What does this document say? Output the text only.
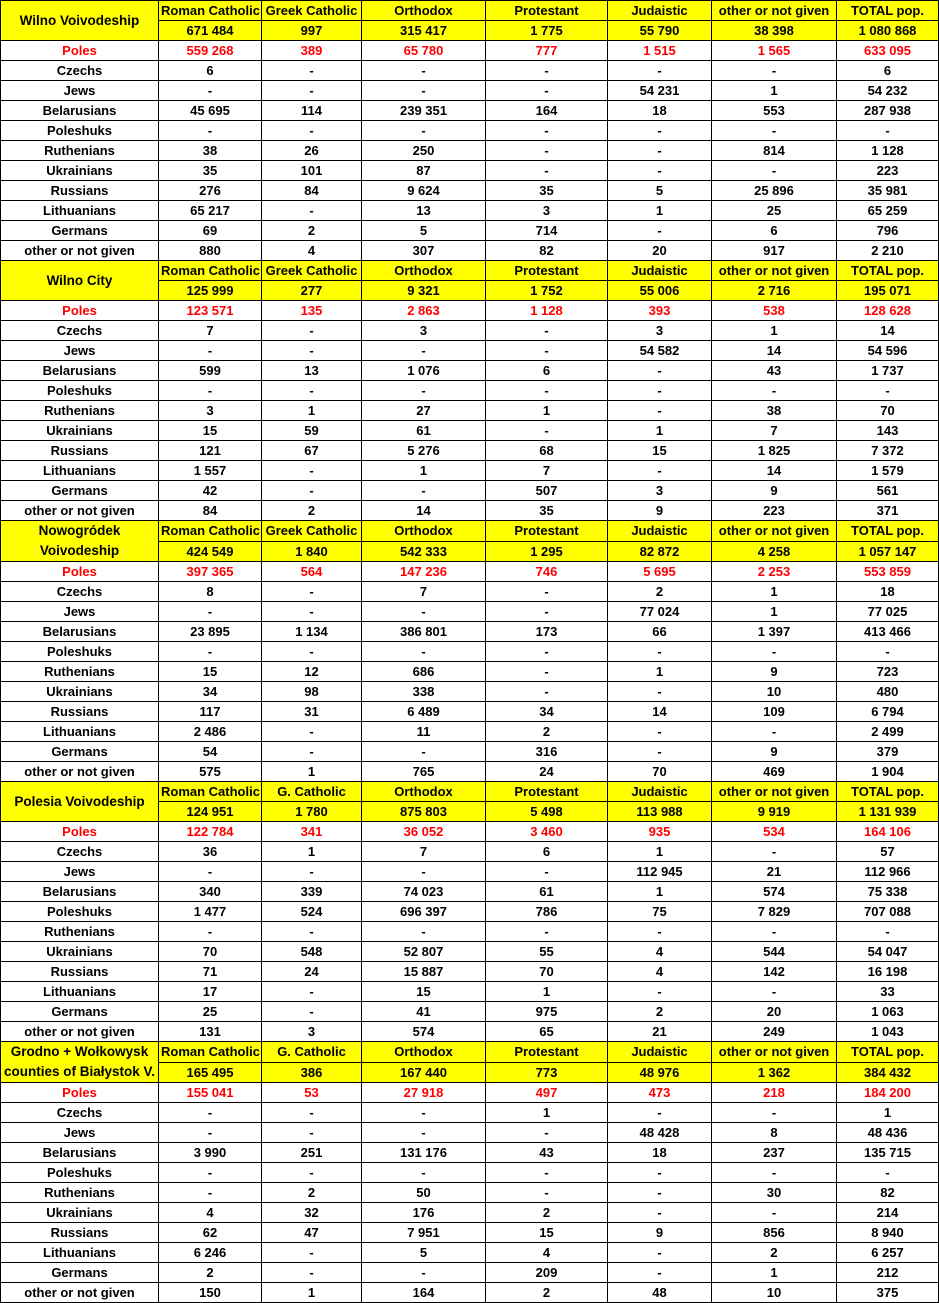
Wilno Voivodeship	Roman Catholic	Greek Catholic	Orthodox	Protestant	Judaistic	other or not given	TOTAL pop.
	671 484	997	315 417	1 775	55 790	38 398	1 080 868
Poles	559 268	389	65 780	777	1 515	1 565	633 095
Czechs	6	-	-	-	-	-	6
Jews	-	-	-	-	54 231	1	54 232
Belarusians	45 695	114	239 351	164	18	553	287 938
Poleshuks	-	-	-	-	-	-	-
Ruthenians	38	26	250	-	-	814	1 128
Ukrainians	35	101	87	-	-	-	223
Russians	276	84	9 624	35	5	25 896	35 981
Lithuanians	65 217	-	13	3	1	25	65 259
Germans	69	2	5	714	-	6	796
other or not given	880	4	307	82	20	917	2 210
Wilno City	Roman Catholic	Greek Catholic	Orthodox	Protestant	Judaistic	other or not given	TOTAL pop.
	125 999	277	9 321	1 752	55 006	2 716	195 071
Poles	123 571	135	2 863	1 128	393	538	128 628
Czechs	7	-	3	-	3	1	14
Jews	-	-	-	-	54 582	14	54 596
Belarusians	599	13	1 076	6	-	43	1 737
Poleshuks	-	-	-	-	-	-	-
Ruthenians	3	1	27	1	-	38	70
Ukrainians	15	59	61	-	1	7	143
Russians	121	67	5 276	68	15	1 825	7 372
Lithuanians	1 557	-	1	7	-	14	1 579
Germans	42	-	-	507	3	9	561
other or not given	84	2	14	35	9	223	371
Nowogródek Voivodeship	Roman Catholic	Greek Catholic	Orthodox	Protestant	Judaistic	other or not given	TOTAL pop.
	424 549	1 840	542 333	1 295	82 872	4 258	1 057 147
Poles	397 365	564	147 236	746	5 695	2 253	553 859
Czechs	8	-	7	-	2	1	18
Jews	-	-	-	-	77 024	1	77 025
Belarusians	23 895	1 134	386 801	173	66	1 397	413 466
Poleshuks	-	-	-	-	-	-	-
Ruthenians	15	12	686	-	1	9	723
Ukrainians	34	98	338	-	-	10	480
Russians	117	31	6 489	34	14	109	6 794
Lithuanians	2 486	-	11	2	-	-	2 499
Germans	54	-	-	316	-	9	379
other or not given	575	1	765	24	70	469	1 904
Polesia Voivodeship	Roman Catholic	G. Catholic	Orthodox	Protestant	Judaistic	other or not given	TOTAL pop.
	124 951	1 780	875 803	5 498	113 988	9 919	1 131 939
Poles	122 784	341	36 052	3 460	935	534	164 106
Czechs	36	1	7	6	1	-	57
Jews	-	-	-	-	112 945	21	112 966
Belarusians	340	339	74 023	61	1	574	75 338
Poleshuks	1 477	524	696 397	786	75	7 829	707 088
Ruthenians	-	-	-	-	-	-	-
Ukrainians	70	548	52 807	55	4	544	54 047
Russians	71	24	15 887	70	4	142	16 198
Lithuanians	17	-	15	1	-	-	33
Germans	25	-	41	975	2	20	1 063
other or not given	131	3	574	65	21	249	1 043
Grodno + Wołkowysk counties of Białystok V.	Roman Catholic	G. Catholic	Orthodox	Protestant	Judaistic	other or not given	TOTAL pop.
	165 495	386	167 440	773	48 976	1 362	384 432
Poles	155 041	53	27 918	497	473	218	184 200
Czechs	-	-	-	1	-	-	1
Jews	-	-	-	-	48 428	8	48 436
Belarusians	3 990	251	131 176	43	18	237	135 715
Poleshuks	-	-	-	-	-	-	-
Ruthenians	-	2	50	-	-	30	82
Ukrainians	4	32	176	2	-	-	214
Russians	62	47	7 951	15	9	856	8 940
Lithuanians	6 246	-	5	4	-	2	6 257
Germans	2	-	-	209	-	1	212
other or not given	150	1	164	2	48	10	375
